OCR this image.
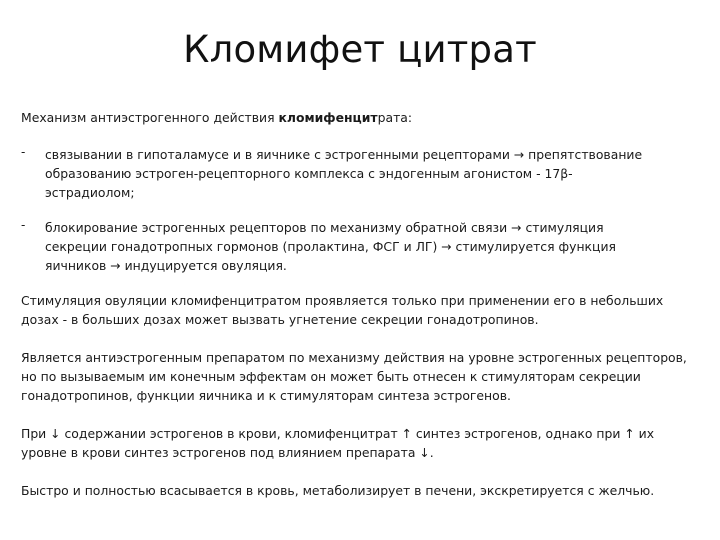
Кломифет цитрат

Механизм антиэстрогенного действия кломифенцитрата:

- связывании в гипоталамусе и в яичнике с эстрогенными рецепторами → препятствование образованию эстроген-рецепторного комплекса с эндогенным агонистом - 17β-эстрадиолом;
- блокирование эстрогенных рецепторов по механизму обратной связи → стимуляция секреции гонадотропных гормонов (пролактина, ФСГ и ЛГ) → стимулируется функция яичников → индуцируется овуляция.

Стимуляция овуляции кломифенцитратом проявляется только при применении его в небольших дозах - в больших дозах может вызвать угнетение секреции гонадотропинов.

Является антиэстрогенным препаратом по механизму действия на уровне эстрогенных рецепторов, но по вызываемым им конечным эффектам он может быть отнесен к стимуляторам секреции гонадотропинов, функции яичника и к стимуляторам синтеза эстрогенов.

При ↓ содержании эстрогенов в крови, кломифенцитрат ↑ синтез эстрогенов, однако при ↑ их уровне в крови синтез эстрогенов под влиянием препарата ↓.

Быстро и полностью всасывается в кровь, метаболизирует в печени, экскретируется с желчью.
